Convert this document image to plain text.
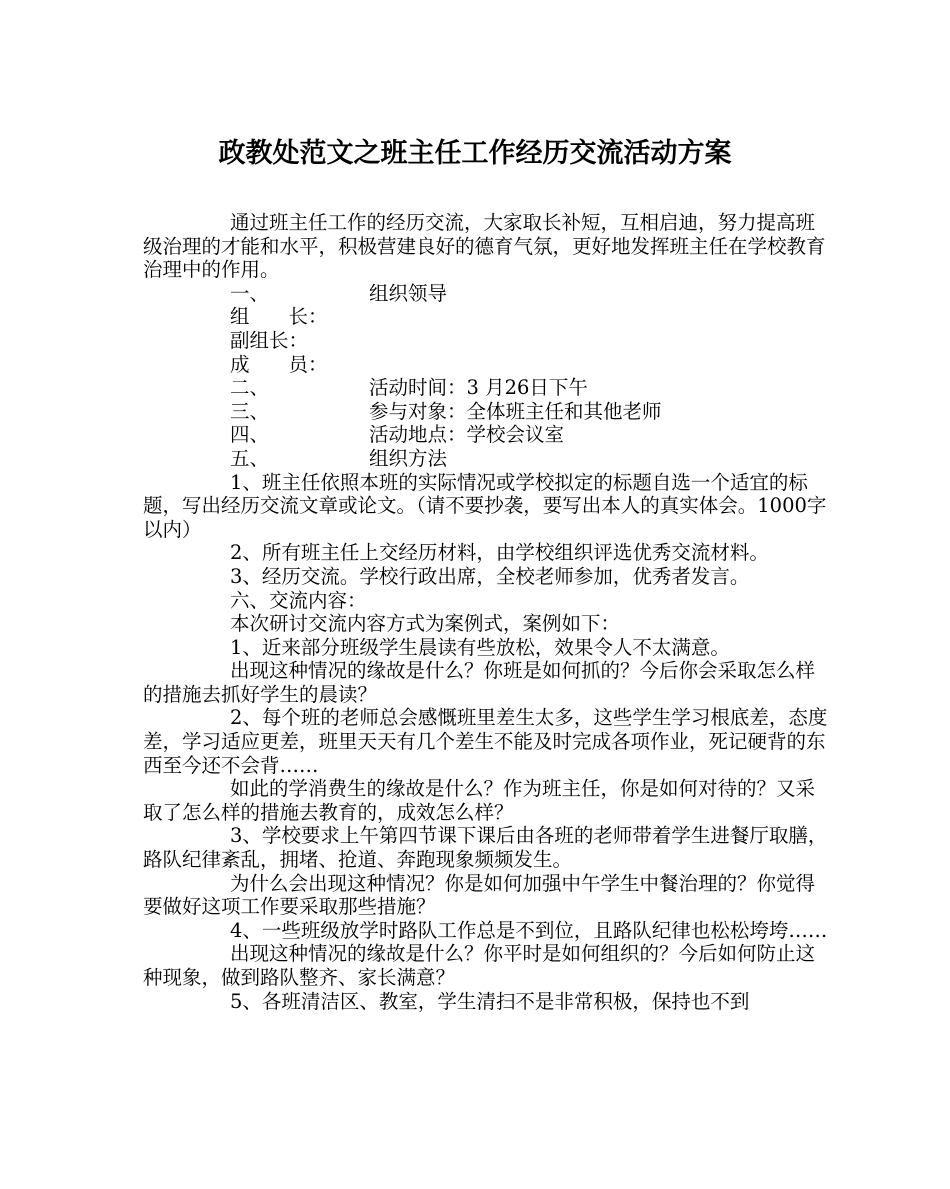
政教处范文之班主任工作经历交流活动方案

通过班主任工作的经历交流，大家取长补短，互相启迪，努力提高班级治理的才能和水平，积极营建良好的德育气氛，更好地发挥班主任在学校教育治理中的作用。

一、	组织领导
组　　长：
副组长：
成　　员：
二、	活动时间：3 月26日下午
三、	参与对象：全体班主任和其他老师
四、	活动地点：学校会议室
五、	组织方法

1、班主任依照本班的实际情况或学校拟定的标题自选一个适宜的标题，写出经历交流文章或论文。（请不要抄袭，要写出本人的真实体会。1000字以内）

2、所有班主任上交经历材料，由学校组织评选优秀交流材料。

3、经历交流。学校行政出席，全校老师参加，优秀者发言。

六、交流内容：

本次研讨交流内容方式为案例式，案例如下：

1、近来部分班级学生晨读有些放松，效果令人不太满意。

出现这种情况的缘故是什么？你班是如何抓的？今后你会采取怎么样的措施去抓好学生的晨读？

2、每个班的老师总会感慨班里差生太多，这些学生学习根底差，态度差，学习适应更差，班里天天有几个差生不能及时完成各项作业，死记硬背的东西至今还不会背……

如此的学消费生的缘故是什么？作为班主任，你是如何对待的？又采取了怎么样的措施去教育的，成效怎么样？

3、学校要求上午第四节课下课后由各班的老师带着学生进餐厅取膳，路队纪律紊乱，拥堵、抢道、奔跑现象频频发生。

为什么会出现这种情况？你是如何加强中午学生中餐治理的？你觉得要做好这项工作要采取那些措施？

4、一些班级放学时路队工作总是不到位，且路队纪律也松松垮垮……

出现这种情况的缘故是什么？你平时是如何组织的？今后如何防止这种现象，做到路队整齐、家长满意？

5、各班清洁区、教室，学生清扫不是非常积极，保持也不到
